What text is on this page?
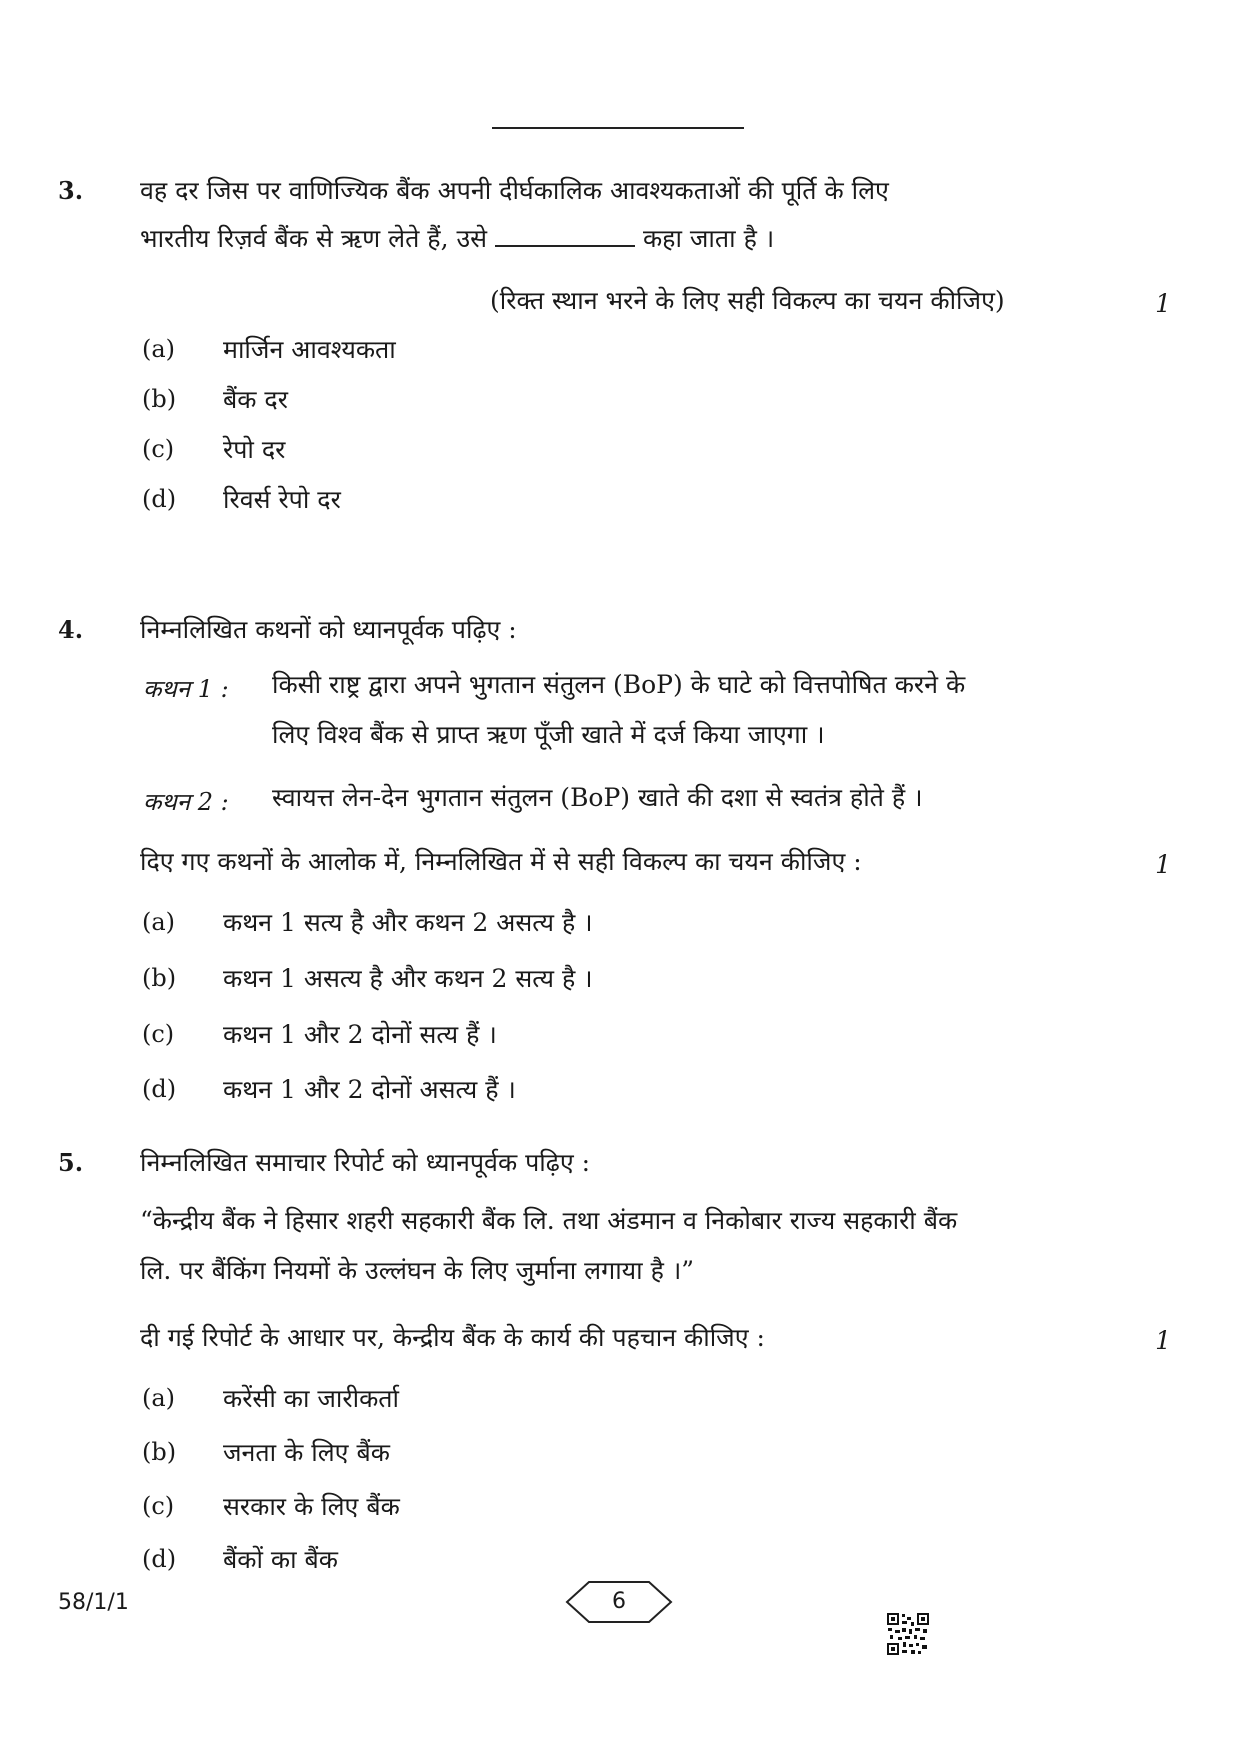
3. वह दर जिस पर वाणिज्यिक बैंक अपनी दीर्घकालिक आवश्यकताओं की पूर्ति के लिए
भारतीय रिज़र्व बैंक से ऋण लेते हैं, उसे	कहा जाता है ।
(रिक्त स्थान भरने के लिए सही विकल्प का चयन कीजिए)	1
(a) मार्जिन आवश्यकता
(b) बैंक दर
(c) रेपो दर
(d) रिवर्स रेपो दर
4. निम्नलिखित कथनों को ध्यानपूर्वक पढ़िए :
कथन 1 : किसी राष्ट्र द्वारा अपने भुगतान संतुलन (BoP) के घाटे को वित्तपोषित करने के
लिए विश्व बैंक से प्राप्त ऋण पूँजी खाते में दर्ज किया जाएगा ।
कथन 2 : स्वायत्त लेन-देन भुगतान संतुलन (BoP) खाते की दशा से स्वतंत्र होते हैं ।
दिए गए कथनों के आलोक में, निम्नलिखित में से सही विकल्प का चयन कीजिए :	1
(a) कथन 1 सत्य है और कथन 2 असत्य है ।
(b) कथन 1 असत्य है और कथन 2 सत्य है ।
(c) कथन 1 और 2 दोनों सत्य हैं ।
(d) कथन 1 और 2 दोनों असत्य हैं ।
5. निम्नलिखित समाचार रिपोर्ट को ध्यानपूर्वक पढ़िए :
“केन्द्रीय बैंक ने हिसार शहरी सहकारी बैंक लि. तथा अंडमान व निकोबार राज्य सहकारी बैंक
लि. पर बैंकिंग नियमों के उल्लंघन के लिए जुर्माना लगाया है ।”
दी गई रिपोर्ट के आधार पर, केन्द्रीय बैंक के कार्य की पहचान कीजिए :	1
(a) करेंसी का जारीकर्ता
(b) जनता के लिए बैंक
(c) सरकार के लिए बैंक
(d) बैंकों का बैंक
58/1/1	6
